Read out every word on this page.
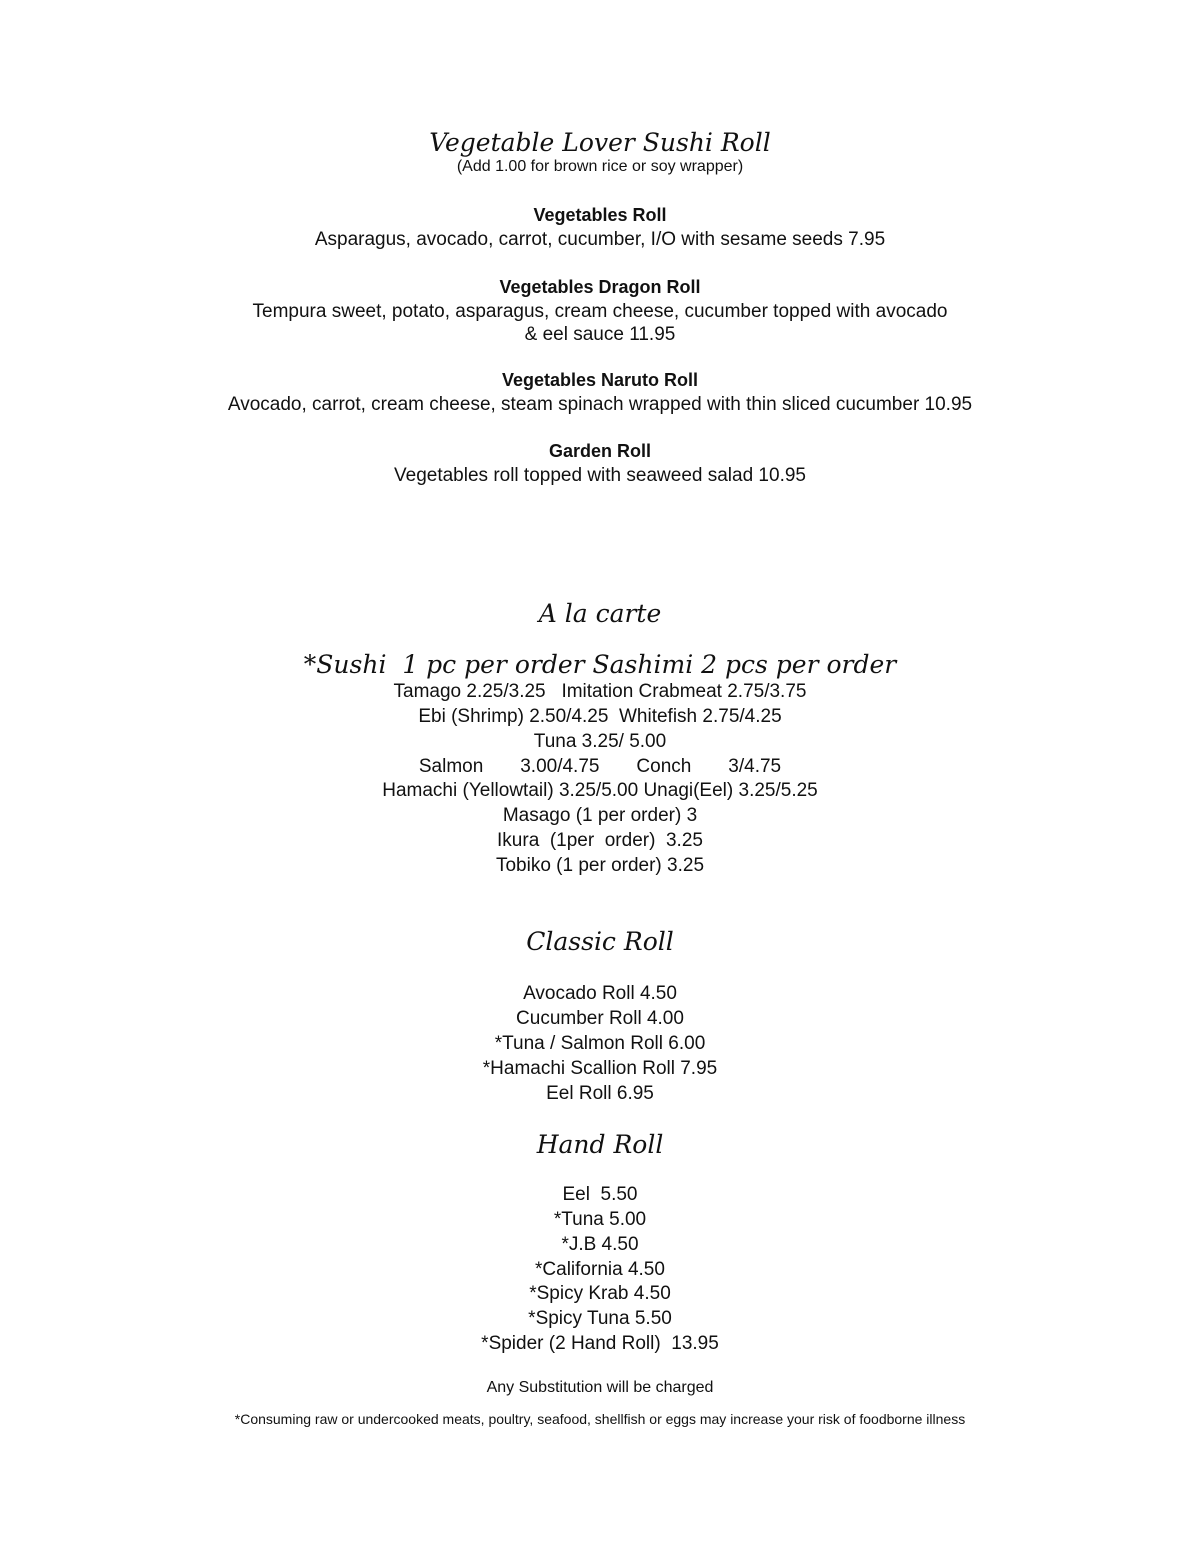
Vegetable Lover Sushi Roll
(Add 1.00 for brown rice or soy wrapper)
Vegetables Roll
Asparagus, avocado, carrot, cucumber, I/O with sesame seeds 7.95
Vegetables Dragon Roll
Tempura sweet, potato, asparagus, cream cheese, cucumber topped with avocado
& eel sauce 11.95
Vegetables Naruto Roll
Avocado, carrot, cream cheese, steam spinach wrapped with thin sliced cucumber 10.95
Garden Roll
Vegetables roll topped with seaweed salad 10.95
A la carte
*Sushi  1 pc per order Sashimi 2 pcs per order
Tamago 2.25/3.25   Imitation Crabmeat 2.75/3.75
Ebi (Shrimp) 2.50/4.25  Whitefish 2.75/4.25
Tuna 3.25/ 5.00
Salmon       3.00/4.75       Conch       3/4.75
Hamachi (Yellowtail) 3.25/5.00 Unagi(Eel) 3.25/5.25
Masago (1 per order) 3
Ikura  (1per  order)  3.25
Tobiko (1 per order) 3.25
Classic Roll
Avocado Roll 4.50
Cucumber Roll 4.00
*Tuna / Salmon Roll 6.00
*Hamachi Scallion Roll 7.95
Eel Roll 6.95
Hand Roll
Eel  5.50
*Tuna 5.00
*J.B 4.50
*California 4.50
*Spicy Krab 4.50
*Spicy Tuna 5.50
*Spider (2 Hand Roll)  13.95
Any Substitution will be charged
*Consuming raw or undercooked meats, poultry, seafood, shellfish or eggs may increase your risk of foodborne illness
